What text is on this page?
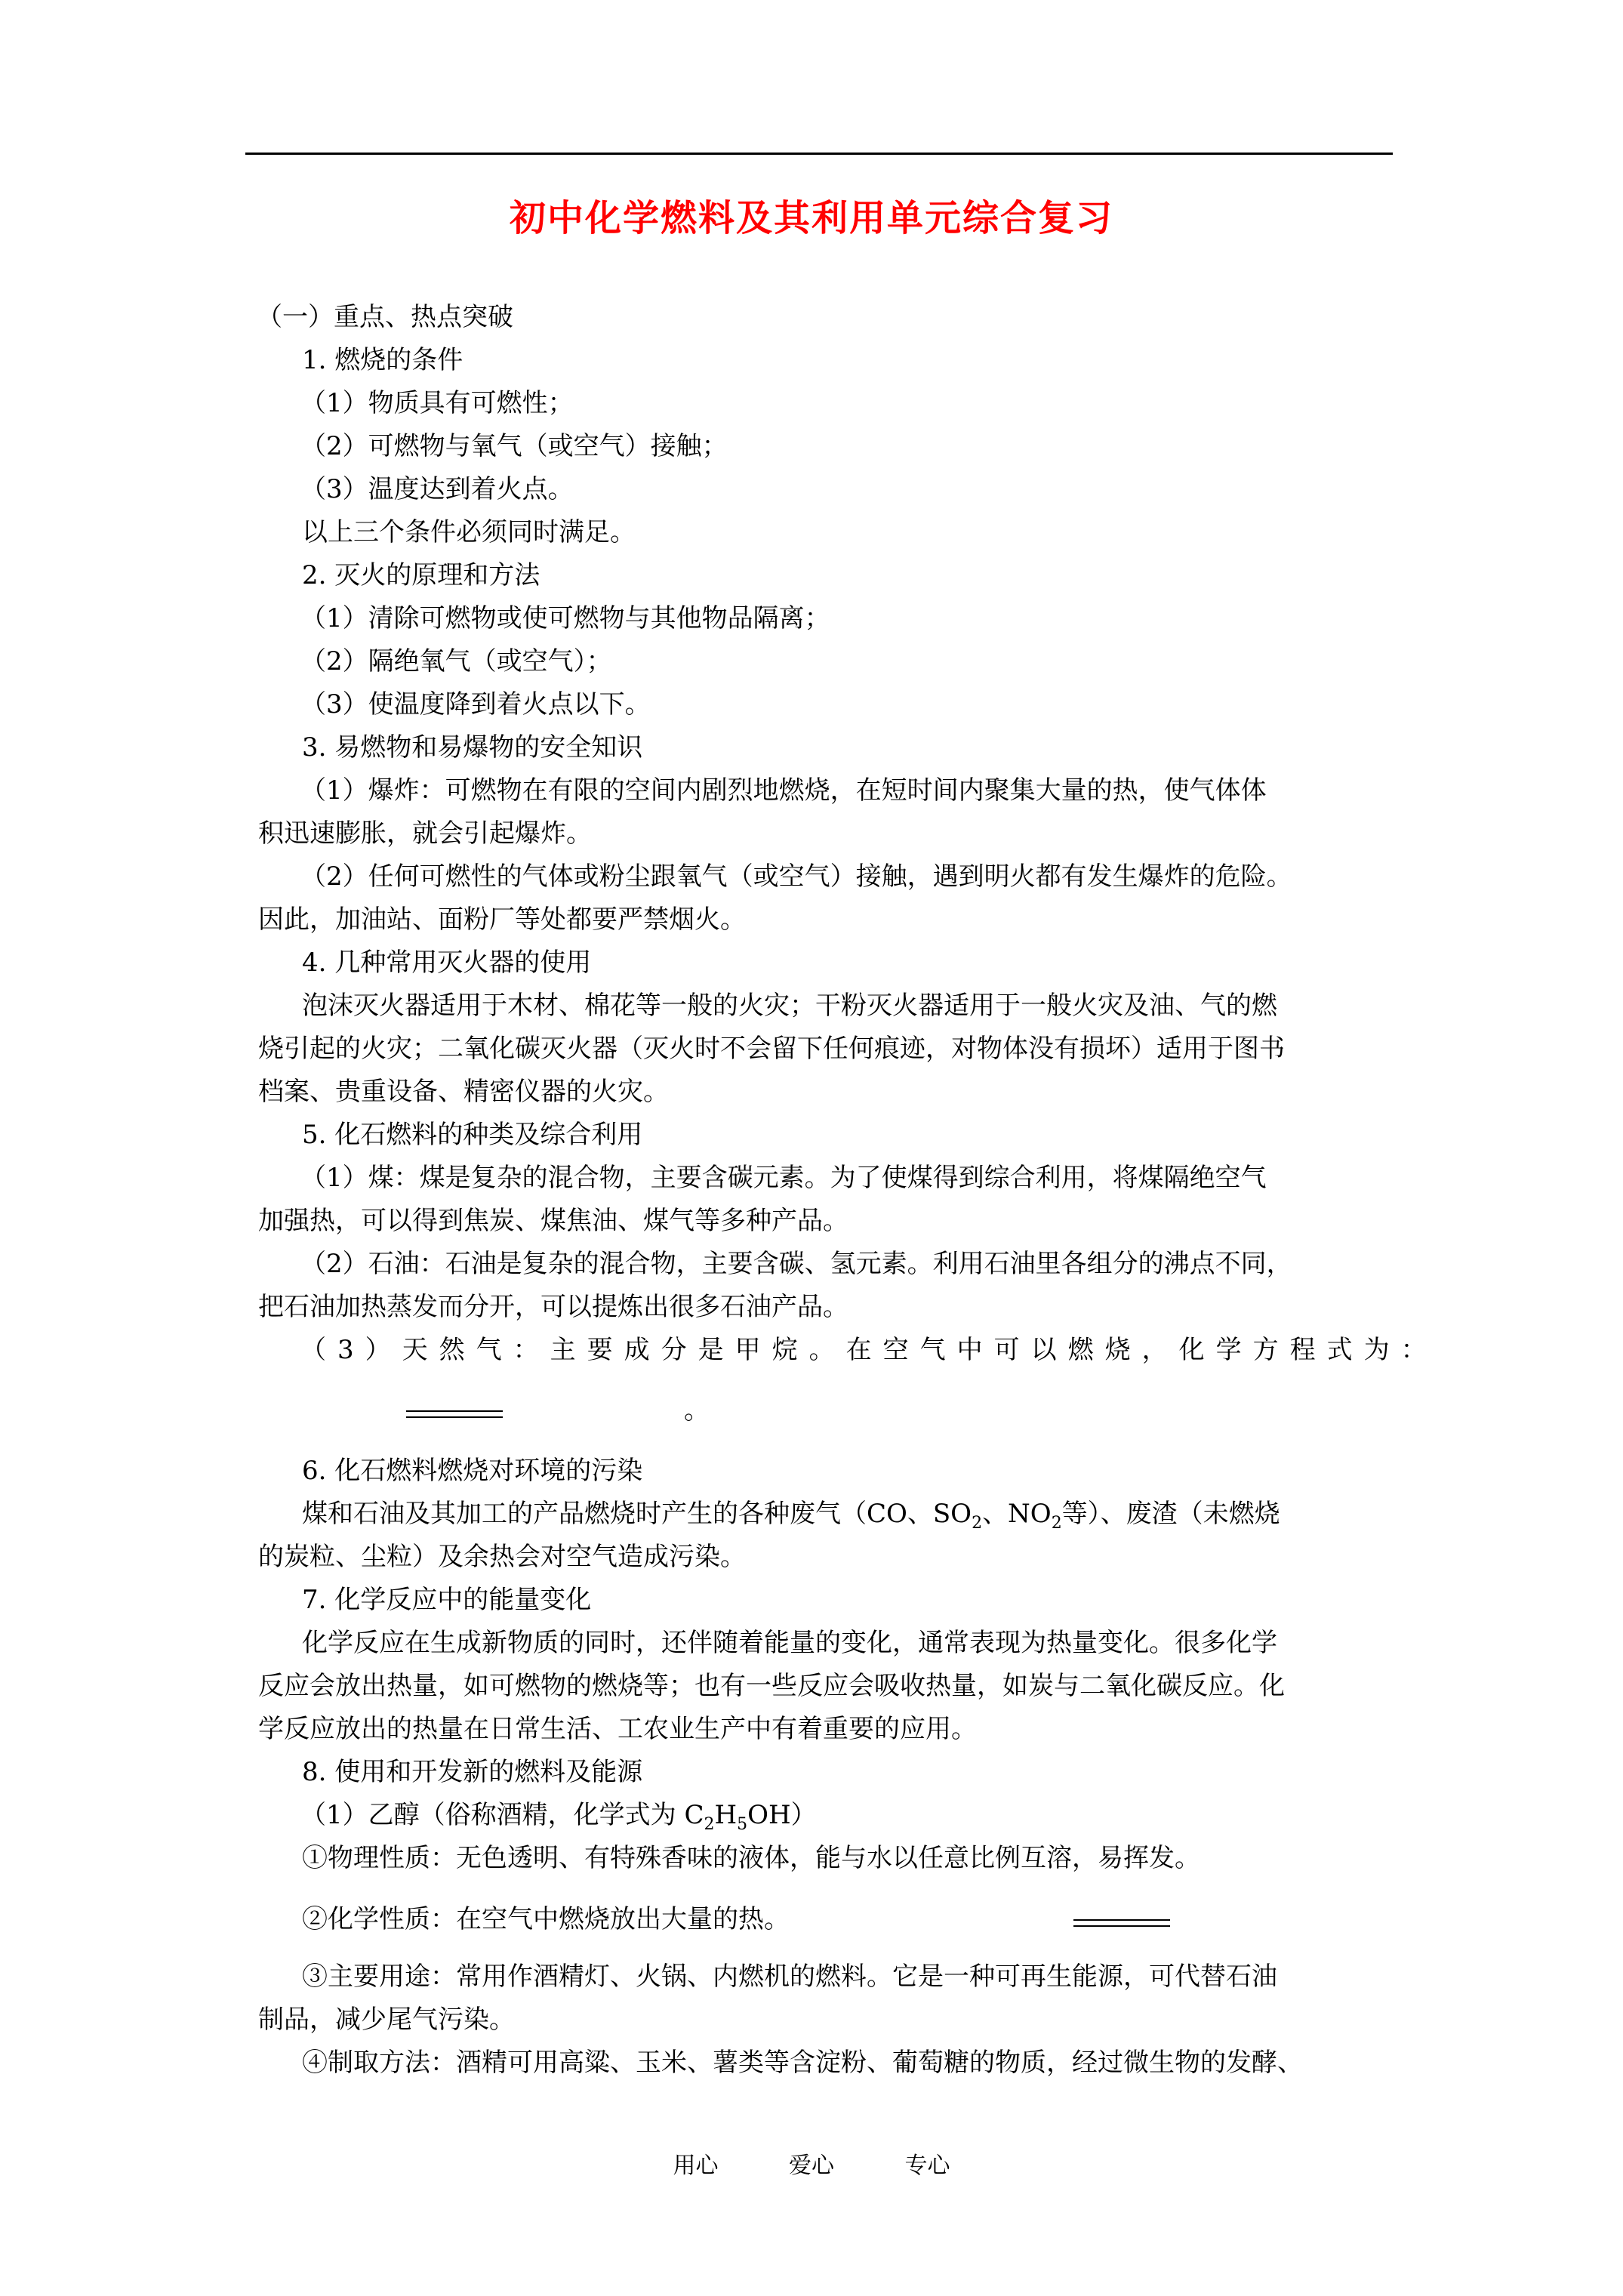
初中化学燃料及其利用单元综合复习
（一）重点、热点突破
1. 燃烧的条件
（1）物质具有可燃性；
（2）可燃物与氧气（或空气）接触；
（3）温度达到着火点。
以上三个条件必须同时满足。
2. 灭火的原理和方法
（1）清除可燃物或使可燃物与其他物品隔离；
（2）隔绝氧气（或空气）；
（3）使温度降到着火点以下。
3. 易燃物和易爆物的安全知识
（1）爆炸：可燃物在有限的空间内剧烈地燃烧，在短时间内聚集大量的热，使气体体
积迅速膨胀，就会引起爆炸。
（2）任何可燃性的气体或粉尘跟氧气（或空气）接触，遇到明火都有发生爆炸的危险。
因此，加油站、面粉厂等处都要严禁烟火。
4. 几种常用灭火器的使用
泡沫灭火器适用于木材、棉花等一般的火灾；干粉灭火器适用于一般火灾及油、气的燃
烧引起的火灾；二氧化碳灭火器（灭火时不会留下任何痕迹，对物体没有损坏）适用于图书
档案、贵重设备、精密仪器的火灾。
5. 化石燃料的种类及综合利用
（1）煤：煤是复杂的混合物，主要含碳元素。为了使煤得到综合利用，将煤隔绝空气
加强热，可以得到焦炭、煤焦油、煤气等多种产品。
（2）石油：石油是复杂的混合物，主要含碳、氢元素。利用石油里各组分的沸点不同，
把石油加热蒸发而分开，可以提炼出很多石油产品。
（3）天然气：主要成分是甲烷。在空气中可以燃烧，化学方程式为：
。
6. 化石燃料燃烧对环境的污染
煤和石油及其加工的产品燃烧时产生的各种废气（CO、$SO_2$、$NO_2$等）、废渣（未燃烧
的炭粒、尘粒）及余热会对空气造成污染。
7. 化学反应中的能量变化
化学反应在生成新物质的同时，还伴随着能量的变化，通常表现为热量变化。很多化学
反应会放出热量，如可燃物的燃烧等；也有一些反应会吸收热量，如炭与二氧化碳反应。化
学反应放出的热量在日常生活、工农业生产中有着重要的应用。
8. 使用和开发新的燃料及能源
（1）乙醇（俗称酒精，化学式为 $C_2H_5OH$）
①物理性质：无色透明、有特殊香味的液体，能与水以任意比例互溶，易挥发。
②化学性质：在空气中燃烧放出大量的热。
③主要用途：常用作酒精灯、火锅、内燃机的燃料。它是一种可再生能源，可代替石油
制品，减少尾气污染。
④制取方法：酒精可用高粱、玉米、薯类等含淀粉、葡萄糖的物质，经过微生物的发酵、
用心	爱心	专心
